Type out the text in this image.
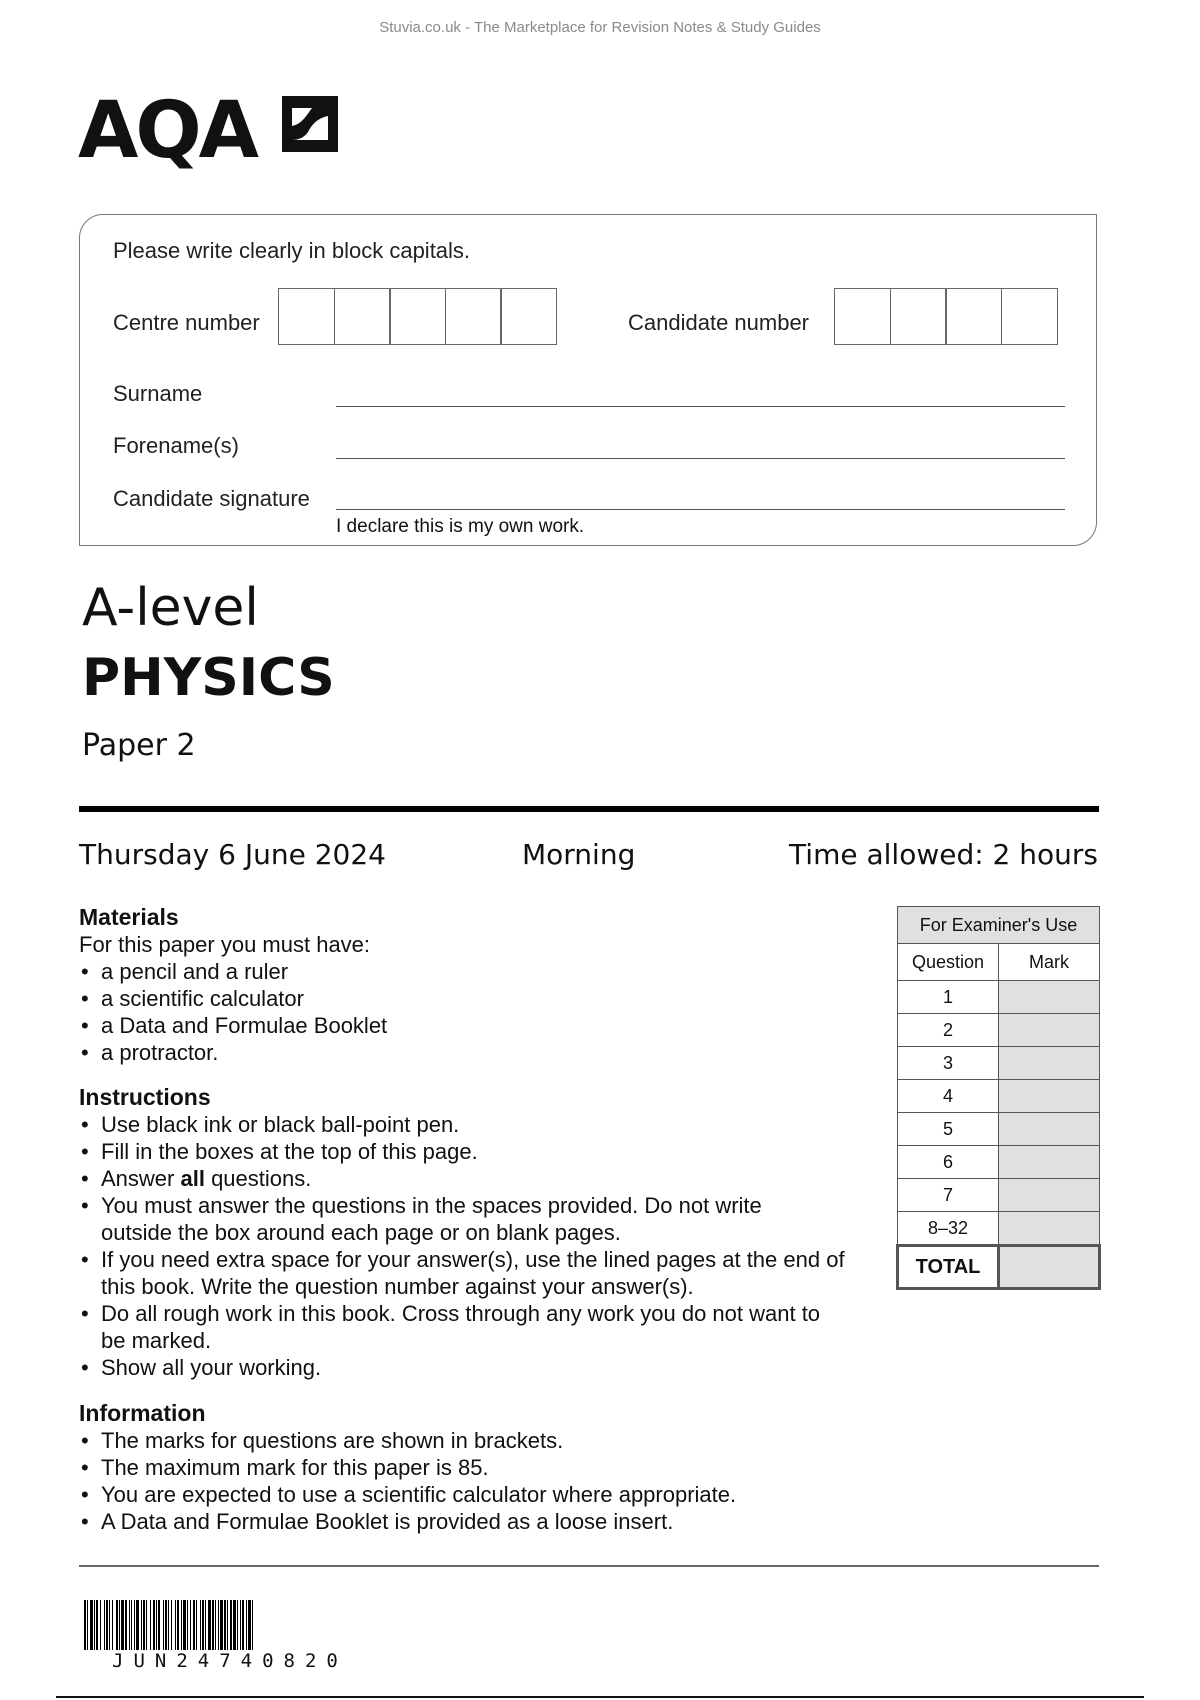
Stuvia.co.uk - The Marketplace for Revision Notes & Study Guides
AQA
Please write clearly in block capitals.
Centre number	Candidate number
Surname
Forename(s)
Candidate signature
I declare this is my own work.
A-level
PHYSICS
Paper 2
Thursday 6 June 2024	Morning	Time allowed: 2 hours
Materials
For this paper you must have:
• a pencil and a ruler
• a scientific calculator
• a Data and Formulae Booklet
• a protractor.
Instructions
• Use black ink or black ball-point pen.
• Fill in the boxes at the top of this page.
• Answer all questions.
• You must answer the questions in the spaces provided. Do not write outside the box around each page or on blank pages.
• If you need extra space for your answer(s), use the lined pages at the end of this book. Write the question number against your answer(s).
• Do all rough work in this book. Cross through any work you do not want to be marked.
• Show all your working.
Information
• The marks for questions are shown in brackets.
• The maximum mark for this paper is 85.
• You are expected to use a scientific calculator where appropriate.
• A Data and Formulae Booklet is provided as a loose insert.
For Examiner's Use	
Question	Mark
1	
2	
3	
4	
5	
6	
7	
8–32	
TOTAL	
JUN24740820
